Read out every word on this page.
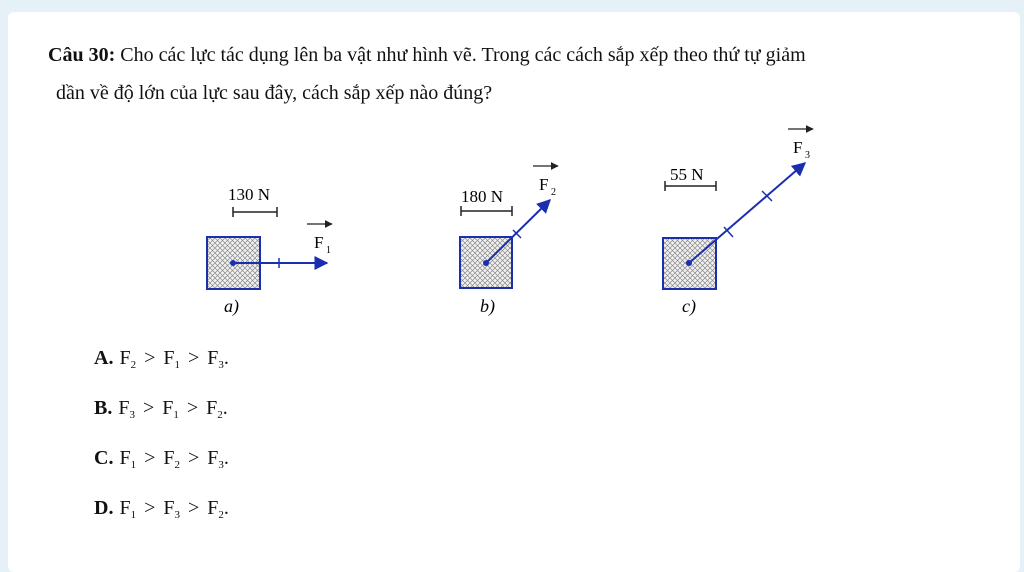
Câu 30: Cho các lực tác dụng lên ba vật như hình vẽ. Trong các cách sắp xếp theo thứ tự giảm
dần về độ lớn của lực sau đây, cách sắp xếp nào đúng?
130 N
F 1
a)
180 N
F 2
b)
55 N
F 3
c)
A. $F_2 > F_1 > F_3$.
B. $F_3 > F_1 > F_2$.
C. $F_1 > F_2 > F_3$.
D. $F_1 > F_3 > F_2$.
